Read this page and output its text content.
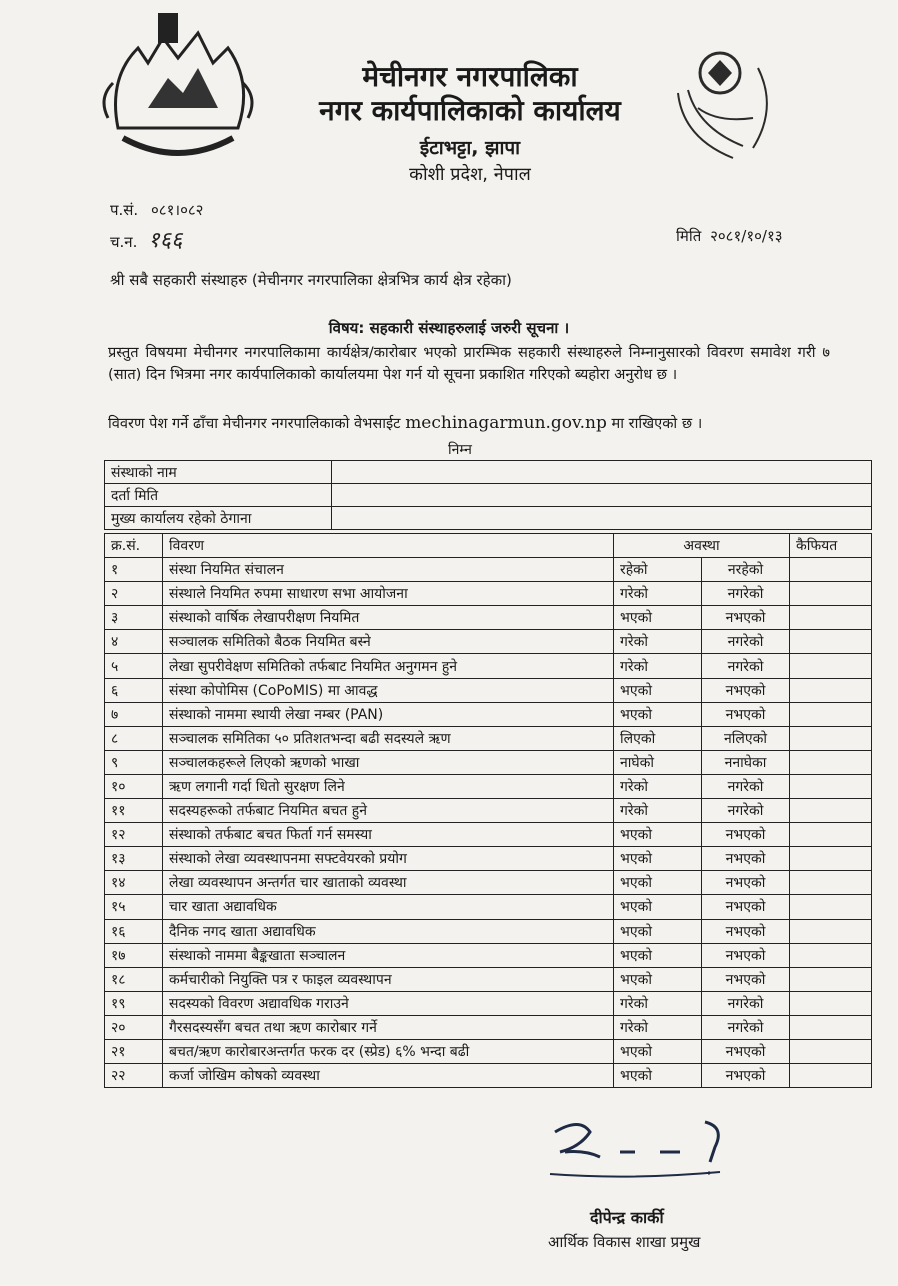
मेचीनगर नगरपालिका
नगर कार्यपालिकाको कार्यालय
ईटाभट्टा, झापा
कोशी प्रदेश, नेपाल
प.सं. ०८१।०८२
च.न. १६६	मिति २०८१/१०/१३
श्री सबै सहकारी संस्थाहरु (मेचीनगर नगरपालिका क्षेत्रभित्र कार्य क्षेत्र रहेका)
विषय: सहकारी संस्थाहरुलाई जरुरी सूचना ।
प्रस्तुत विषयमा मेचीनगर नगरपालिकामा कार्यक्षेत्र/कारोबार भएको प्रारम्भिक सहकारी संस्थाहरुले निम्नानुसारको विवरण समावेश गरी ७ (सात) दिन भित्रमा नगर कार्यपालिकाको कार्यालयमा पेश गर्न यो सूचना प्रकाशित गरिएको ब्यहोरा अनुरोध छ ।
विवरण पेश गर्ने ढाँचा मेचीनगर नगरपालिकाको वेभसाईट mechinagarmun.gov.np मा राखिएको छ ।
निम्न
संस्थाको नाम	
दर्ता मिति	
मुख्य कार्यालय रहेको ठेगाना	
क्र.सं.	विवरण	अवस्था		कैफियत
१	संस्था नियमित संचालन	रहेको	नरहेको	
२	संस्थाले नियमित रुपमा साधारण सभा आयोजना	गरेको	नगरेको	
३	संस्थाको वार्षिक लेखापरीक्षण नियमित	भएको	नभएको	
४	सञ्चालक समितिको बैठक नियमित बस्ने	गरेको	नगरेको	
५	लेखा सुपरीवेक्षण समितिको तर्फबाट नियमित अनुगमन हुने	गरेको	नगरेको	
६	संस्था कोपोमिस (CoPoMIS) मा आवद्ध	भएको	नभएको	
७	संस्थाको नाममा स्थायी लेखा नम्बर (PAN)	भएको	नभएको	
८	सञ्चालक समितिका ५० प्रतिशतभन्दा बढी सदस्यले ऋण	लिएको	नलिएको	
९	सञ्चालकहरूले लिएको ऋणको भाखा	नाघेको	ननाघेका	
१०	ऋण लगानी गर्दा धितो सुरक्षण लिने	गरेको	नगरेको	
११	सदस्यहरूको तर्फबाट नियमित बचत हुने	गरेको	नगरेको	
१२	संस्थाको तर्फबाट बचत फिर्ता गर्न समस्या	भएको	नभएको	
१३	संस्थाको लेखा व्यवस्थापनमा सफ्टवेयरको प्रयोग	भएको	नभएको	
१४	लेखा व्यवस्थापन अन्तर्गत चार खाताको व्यवस्था	भएको	नभएको	
१५	चार खाता अद्यावधिक	भएको	नभएको	
१६	दैनिक नगद खाता अद्यावधिक	भएको	नभएको	
१७	संस्थाको नाममा बैङ्कखाता सञ्चालन	भएको	नभएको	
१८	कर्मचारीको नियुक्ति पत्र र फाइल व्यवस्थापन	भएको	नभएको	
१९	सदस्यको विवरण अद्यावधिक गराउने	गरेको	नगरेको	
२०	गैरसदस्यसँग बचत तथा ऋण कारोबार गर्ने	गरेको	नगरेको	
२१	बचत/ऋण कारोबारअन्तर्गत फरक दर (स्प्रेड) ६% भन्दा बढी	भएको	नभएको	
२२	कर्जा जोखिम कोषको व्यवस्था	भएको	नभएको	
दीपेन्द्र कार्की
आर्थिक विकास शाखा प्रमुख
